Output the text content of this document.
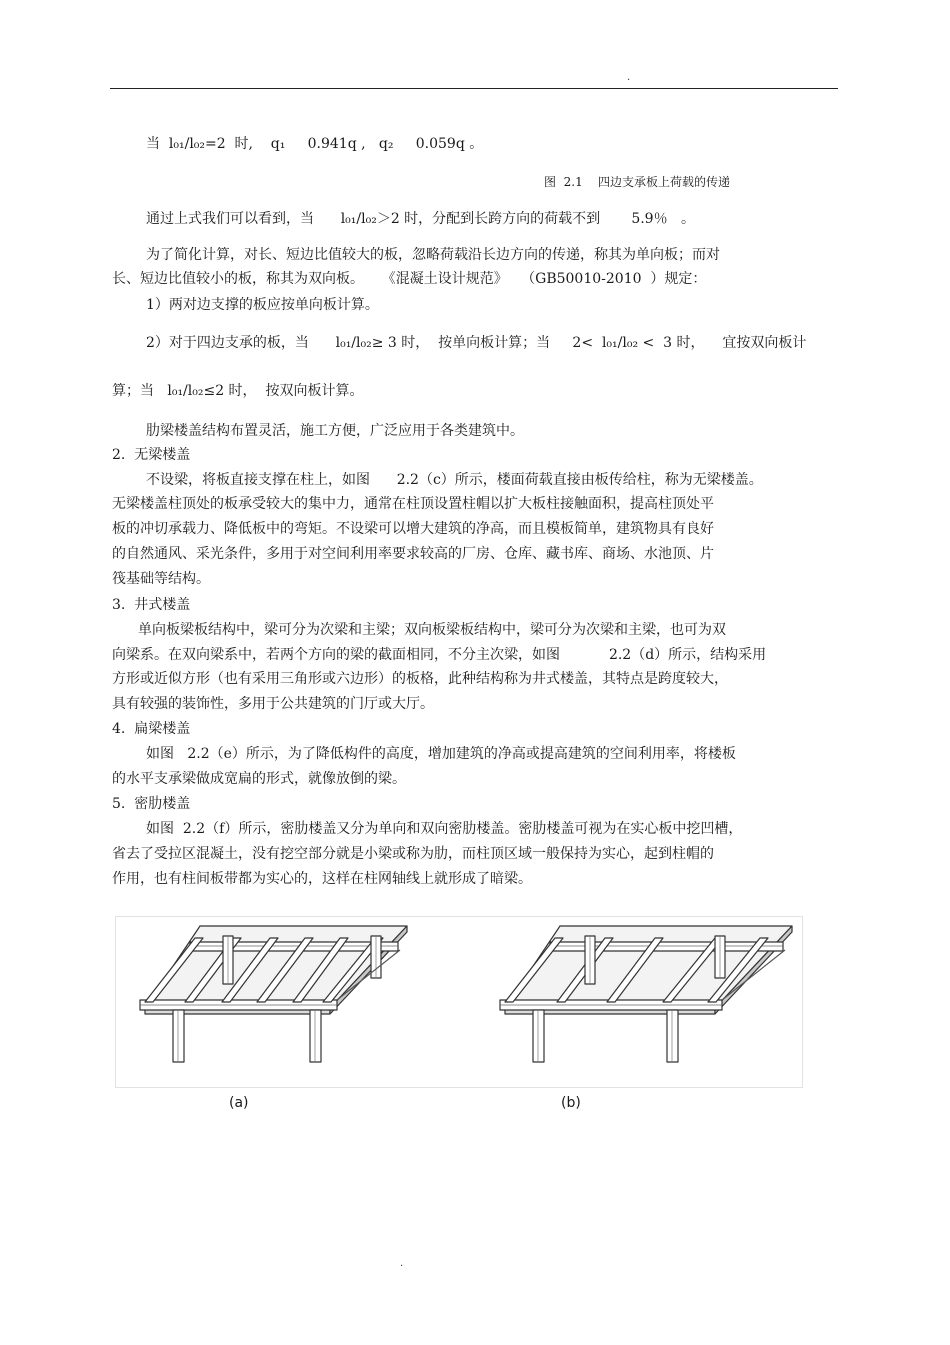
.
当  l₀₁/l₀₂=2  时,    q₁     0.941q ,   q₂     0.059q 。
图  2.1    四边支承板上荷载的传递
通过上式我们可以看到，当      l₀₁/l₀₂＞2 时，分配到长跨方向的荷载不到       5.9％   。
为了简化计算，对长、短边比值较大的板，忽略荷载沿长边方向的传递，称其为单向板；而对
长、短边比值较小的板，称其为双向板。    《混凝土设计规范》   （GB50010-2010  ）规定：
1）两对边支撑的板应按单向板计算。
2）对于四边支承的板，当      l₀₁/l₀₂≥ 3 时，  按单向板计算；当     2<  l₀₁/l₀₂ <  3 时，    宜按双向板计
算；当   l₀₁/l₀₂≤2 时，  按双向板计算。
肋梁楼盖结构布置灵活，施工方便，广泛应用于各类建筑中。
2.  无梁楼盖
不设梁，将板直接支撑在柱上，如图      2.2（c）所示，楼面荷载直接由板传给柱，称为无梁楼盖。
无梁楼盖柱顶处的板承受较大的集中力，通常在柱顶设置柱帽以扩大板柱接触面积，提高柱顶处平
板的冲切承载力、降低板中的弯矩。不设梁可以增大建筑的净高，而且模板简单，建筑物具有良好
的自然通风、采光条件，多用于对空间利用率要求较高的厂房、仓库、藏书库、商场、水池顶、片
筏基础等结构。
3.  井式楼盖
单向板梁板结构中，梁可分为次梁和主梁；双向板梁板结构中，梁可分为次梁和主梁，也可为双
向梁系。在双向梁系中，若两个方向的梁的截面相同，不分主次梁，如图           2.2（d）所示，结构采用
方形或近似方形（也有采用三角形或六边形）的板格，此种结构称为井式楼盖，其特点是跨度较大，
具有较强的装饰性，多用于公共建筑的门厅或大厅。
4.  扁梁楼盖
如图   2.2（e）所示，为了降低构件的高度，增加建筑的净高或提高建筑的空间利用率，将楼板
的水平支承梁做成宽扁的形式，就像放倒的梁。
5.  密肋楼盖
如图  2.2（f）所示，密肋楼盖又分为单向和双向密肋楼盖。密肋楼盖可视为在实心板中挖凹槽，
省去了受拉区混凝土，没有挖空部分就是小梁或称为肋，而柱顶区域一般保持为实心，起到柱帽的
作用，也有柱间板带都为实心的，这样在柱网轴线上就形成了暗梁。
(a)	(b)
.
